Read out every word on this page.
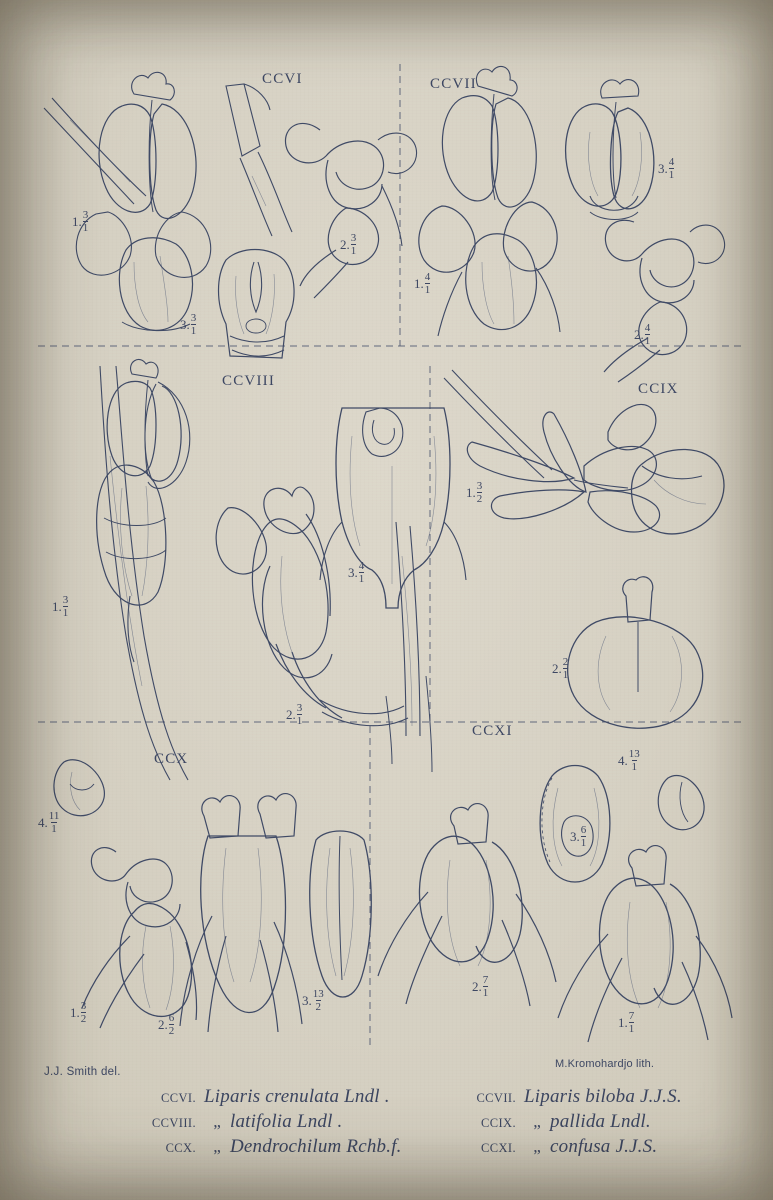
CCVI	CCVII
CCVIII	CCIX
CCX
CCXI
1. $\frac{3}{1}$
2. $\frac{3}{1}$
3. $\frac{3}{1}$
1. $\frac{4}{1}$
2. $\frac{4}{1}$
3. $\frac{4}{1}$
1. $\frac{3}{1}$
2. $\frac{3}{1}$
3. $\frac{4}{1}$
1. $\frac{3}{2}$
2. $\frac{2}{1}$
1. $\frac{3}{2}$	2. $\frac{6}{2}$
3. $\frac{13}{2}$
4. $\frac{11}{1}$
1. $\frac{7}{1}$
2. $\frac{7}{1}$
3. $\frac{6}{1}$
4. $\frac{13}{1}$
J.J. Smith del.
M.Kromohardjo lith.
CCVI. Liparis crenulata Lndl .	CCVII. Liparis biloba J.J.S.
CCVIII.	„ latifolia Lndl .	CCIX.	„ pallida Lndl.
CCX.	„ Dendrochilum Rchb.f.	CCXI.	„ confusa J.J.S.
